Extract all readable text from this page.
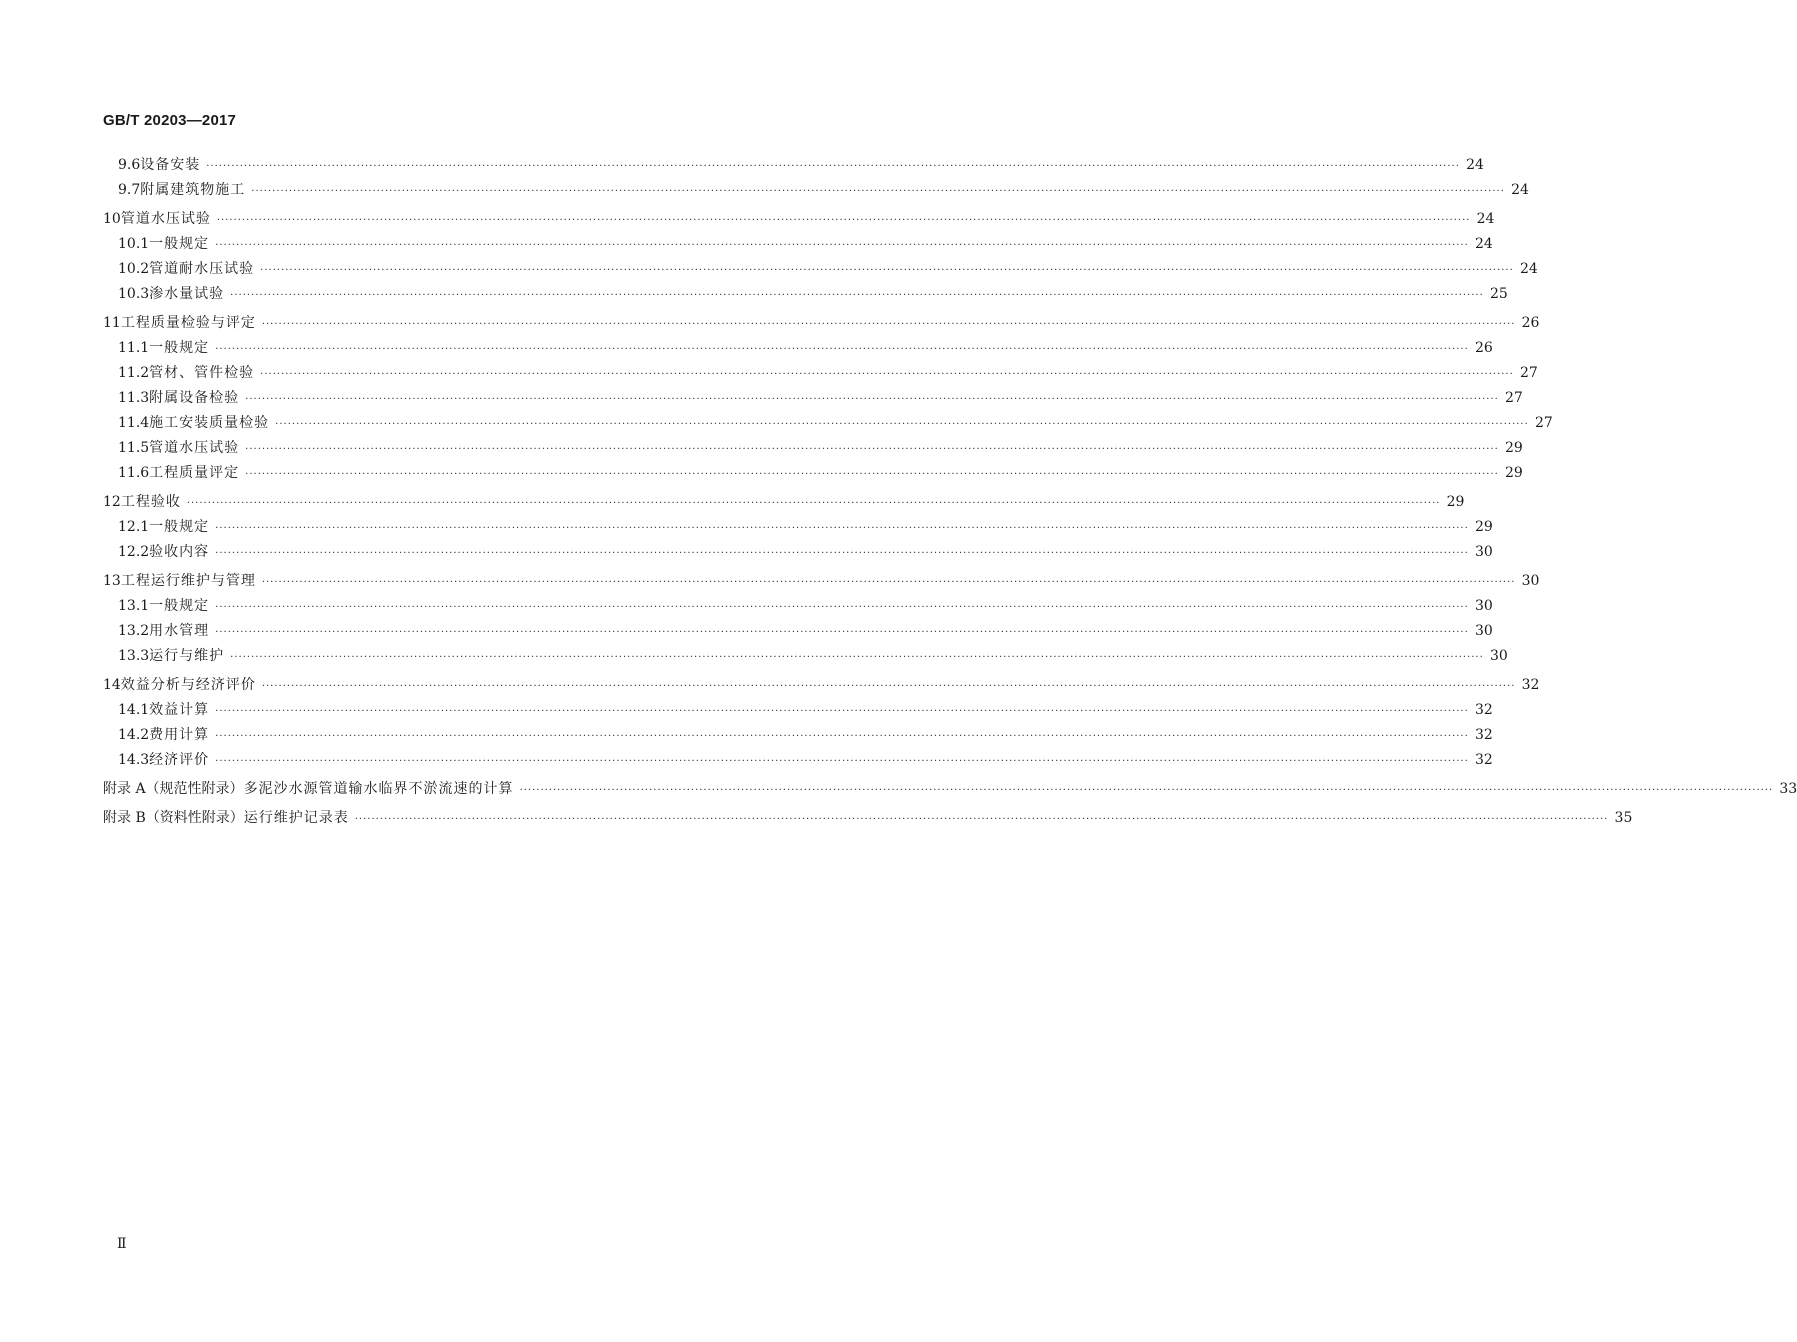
GB/T 20203—2017
9.6 设备安装 ············································································································································································································································································································ 24
9.7 附属建筑物施工 ············································································································································································································································································································ 24
10 管道水压试验 ············································································································································································································································································································ 24
10.1 一般规定 ············································································································································································································································································································ 24
10.2 管道耐水压试验 ············································································································································································································································································································ 24
10.3 渗水量试验 ············································································································································································································································································································ 25
11 工程质量检验与评定 ············································································································································································································································································································ 26
11.1 一般规定 ············································································································································································································································································································ 26
11.2 管材、管件检验 ············································································································································································································································································································ 27
11.3 附属设备检验 ············································································································································································································································································································ 27
11.4 施工安装质量检验 ············································································································································································································································································································ 27
11.5 管道水压试验 ············································································································································································································································································································ 29
11.6 工程质量评定 ············································································································································································································································································································ 29
12 工程验收 ············································································································································································································································································································ 29
12.1 一般规定 ············································································································································································································································································································ 29
12.2 验收内容 ············································································································································································································································································································ 30
13 工程运行维护与管理 ············································································································································································································································································································ 30
13.1 一般规定 ············································································································································································································································································································ 30
13.2 用水管理 ············································································································································································································································································································ 30
13.3 运行与维护 ············································································································································································································································································································ 30
14 效益分析与经济评价 ············································································································································································································································································································ 32
14.1 效益计算 ············································································································································································································································································································ 32
14.2 费用计算 ············································································································································································································································································································ 32
14.3 经济评价 ············································································································································································································································································································ 32
附录 A（规范性附录） 多泥沙水源管道输水临界不淤流速的计算 ············································································································································································································································································································ 33
附录 B（资料性附录） 运行维护记录表 ············································································································································································································································································································ 35
Ⅱ
